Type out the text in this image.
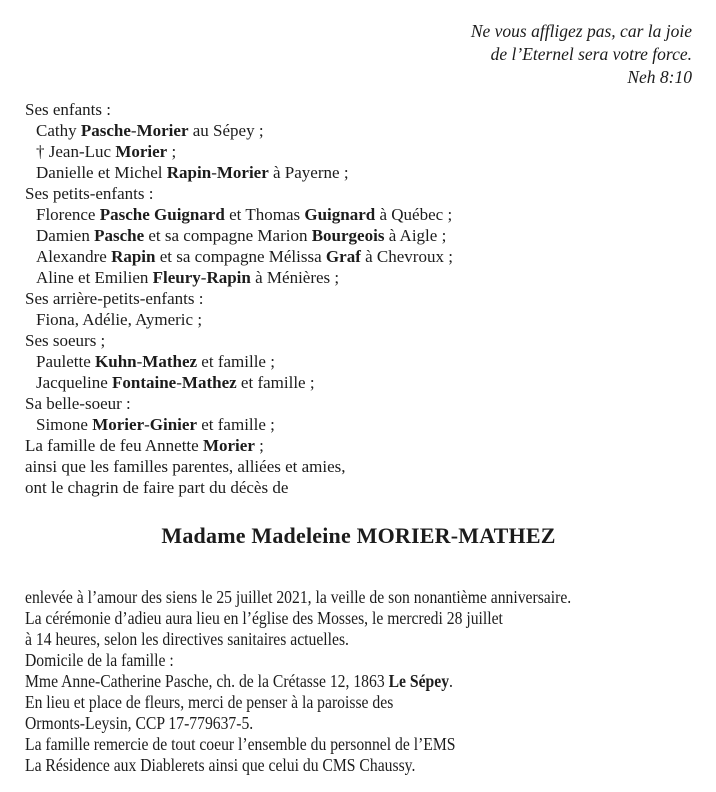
Ne vous affligez pas, car la joie
de l’Eternel sera votre force.
Neh 8:10
Ses enfants :
Cathy Pasche-Morier au Sépey ;
† Jean-Luc Morier ;
Danielle et Michel Rapin-Morier à Payerne ;
Ses petits-enfants :
Florence Pasche Guignard et Thomas Guignard à Québec ;
Damien Pasche et sa compagne Marion Bourgeois à Aigle ;
Alexandre Rapin et sa compagne Mélissa Graf à Chevroux ;
Aline et Emilien Fleury-Rapin à Ménières ;
Ses arrière-petits-enfants :
Fiona, Adélie, Aymeric ;
Ses soeurs ;
Paulette Kuhn-Mathez et famille ;
Jacqueline Fontaine-Mathez et famille ;
Sa belle-soeur :
Simone Morier-Ginier et famille ;
La famille de feu Annette Morier ;
ainsi que les familles parentes, alliées et amies,
ont le chagrin de faire part du décès de
Madame Madeleine MORIER-MATHEZ
enlevée à l’amour des siens le 25 juillet 2021, la veille de son nonantième anniversaire.
La cérémonie d’adieu aura lieu en l’église des Mosses, le mercredi 28 juillet
à 14 heures, selon les directives sanitaires actuelles.
Domicile de la famille :
Mme Anne-Catherine Pasche, ch. de la Crétasse 12, 1863 Le Sépey.
En lieu et place de fleurs, merci de penser à la paroisse des
Ormonts-Leysin, CCP 17-779637-5.
La famille remercie de tout coeur l’ensemble du personnel de l’EMS
La Résidence aux Diablerets ainsi que celui du CMS Chaussy.
